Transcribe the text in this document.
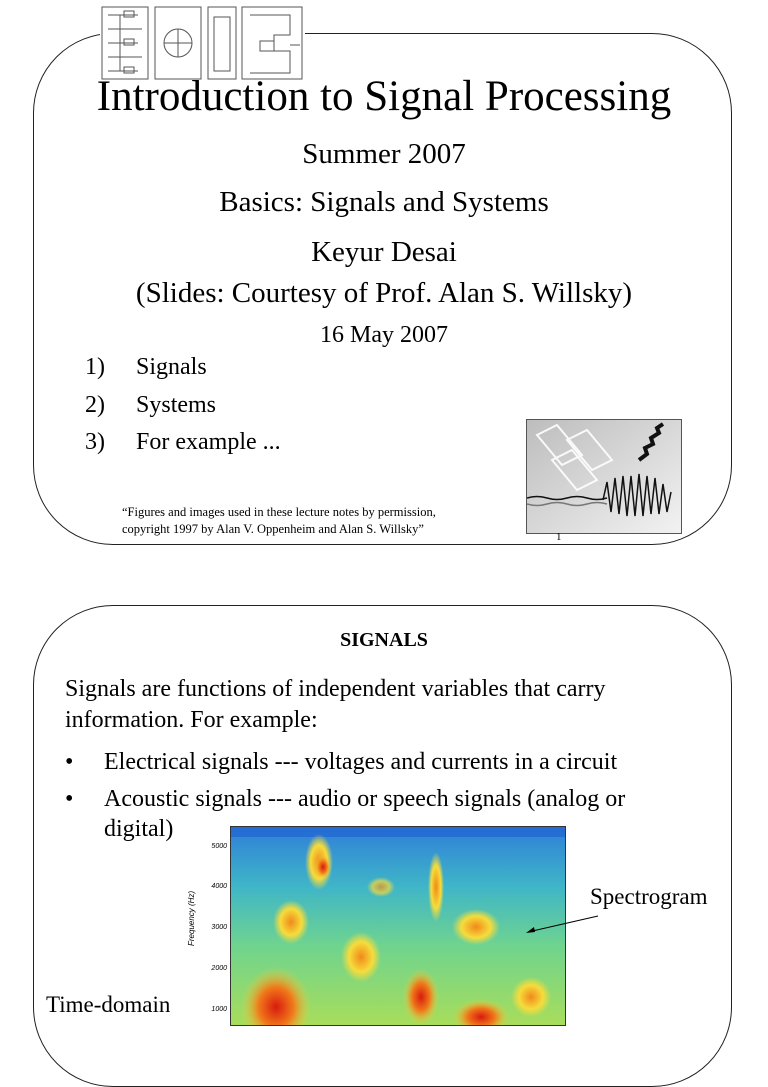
Introduction to Signal Processing
Summer 2007
Basics: Signals and Systems
Keyur Desai
(Slides: Courtesy of Prof. Alan S. Willsky)
16 May 2007
1) Signals
2) Systems
3) For example ...
“Figures and images used in these lecture notes by permission,
copyright 1997 by Alan V. Oppenheim and Alan S. Willsky”
1
SIGNALS
Signals are functions of independent variables that carry information. For example:
• Electrical signals --- voltages and currents in a circuit
• Acoustic signals --- audio or speech signals (analog or
digital)
Frequency (Hz)
5000
4000
3000
2000
1000
Spectrogram
Time-domain
